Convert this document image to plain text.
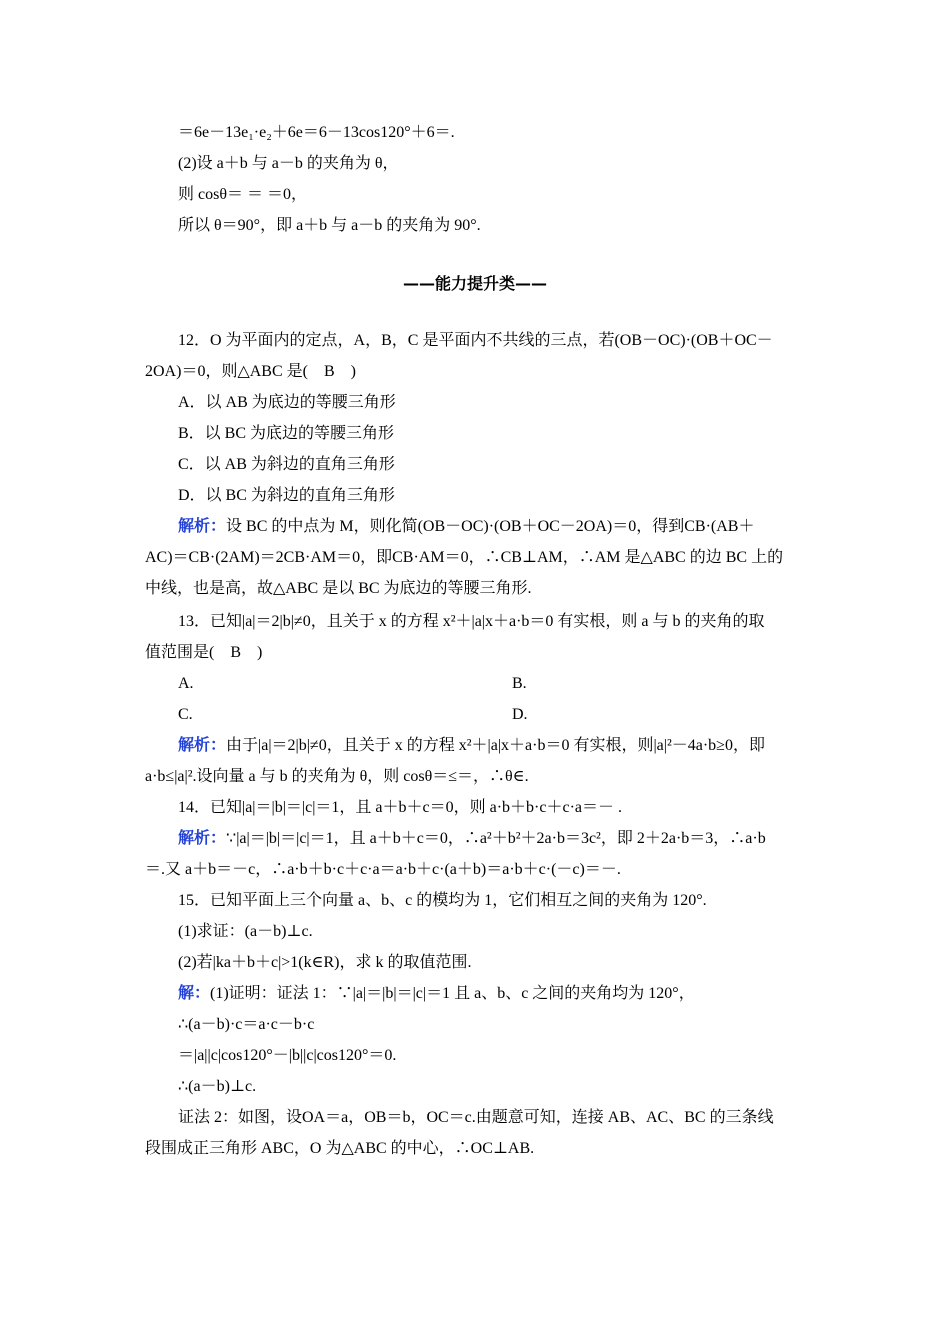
＝6e－13e₁·e₂＋6e＝6－13cos120°＋6＝.
(2)设 a＋b 与 a－b 的夹角为 θ，
则 cosθ＝ ＝ ＝0，
所以 θ＝90°，即 a＋b 与 a－b 的夹角为 90°.
——能力提升类——
12．O 为平面内的定点，A，B，C 是平面内不共线的三点，若(OB－OC)·(OB＋OC－
2OA)＝0，则△ABC 是(　B　)
A．以 AB 为底边的等腰三角形
B．以 BC 为底边的等腰三角形
C．以 AB 为斜边的直角三角形
D．以 BC 为斜边的直角三角形
解析：设 BC 的中点为 M，则化简(OB－OC)·(OB＋OC－2OA)＝0，得到CB·(AB＋
AC)＝CB·(2AM)＝2CB·AM＝0，即CB·AM＝0，∴CB⊥AM，∴AM 是△ABC 的边 BC 上的
中线，也是高，故△ABC 是以 BC 为底边的等腰三角形.
13．已知|a|＝2|b|≠0，且关于 x 的方程 x²＋|a|x＋a·b＝0 有实根，则 a 与 b 的夹角的取
值范围是(　B　)
A.	B.
C.	D.
解析：由于|a|＝2|b|≠0，且关于 x 的方程 x²＋|a|x＋a·b＝0 有实根，则|a|²－4a·b≥0，即
a·b≤|a|².设向量 a 与 b 的夹角为 θ，则 cosθ＝≤＝，∴θ∈.
14．已知|a|＝|b|＝|c|＝1，且 a＋b＋c＝0，则 a·b＋b·c＋c·a＝－ .
解析：∵|a|＝|b|＝|c|＝1，且 a＋b＋c＝0，∴a²＋b²＋2a·b＝3c²，即 2＋2a·b＝3，∴a·b
＝.又 a＋b＝－c，∴a·b＋b·c＋c·a＝a·b＋c·(a＋b)＝a·b＋c·(－c)＝－.
15．已知平面上三个向量 a、b、c 的模均为 1，它们相互之间的夹角为 120°.
(1)求证：(a－b)⊥c.
(2)若|ka＋b＋c|>1(k∈R)，求 k 的取值范围.
解：(1)证明：证法 1：∵|a|＝|b|＝|c|＝1 且 a、b、c 之间的夹角均为 120°，
∴(a－b)·c＝a·c－b·c
＝|a||c|cos120°－|b||c|cos120°＝0.
∴(a－b)⊥c.
证法 2：如图，设OA＝a，OB＝b，OC＝c.由题意可知，连接 AB、AC、BC 的三条线
段围成正三角形 ABC，O 为△ABC 的中心，∴OC⊥AB.
